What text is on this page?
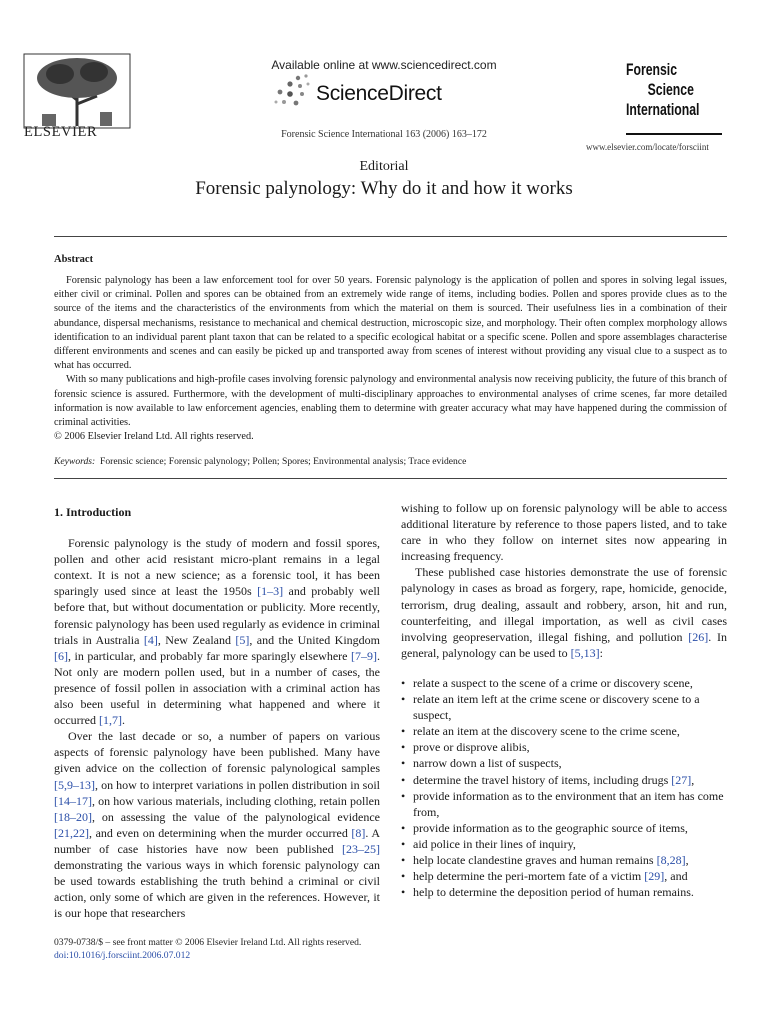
ELSEVIER
Available online at www.sciencedirect.com
ScienceDirect
Forensic Science International 163 (2006) 163–172
Forensic
Science
International
www.elsevier.com/locate/forsciint
Editorial
Forensic palynology: Why do it and how it works
Abstract

Forensic palynology has been a law enforcement tool for over 50 years. Forensic palynology is the application of pollen and spores in solving legal issues, either civil or criminal. Pollen and spores can be obtained from an extremely wide range of items, including bodies. Pollen and spores provide clues as to the source of the items and the characteristics of the environments from which the material on them is sourced. Their usefulness lies in a combination of their abundance, dispersal mechanisms, resistance to mechanical and chemical destruction, microscopic size, and morphology. Their often complex morphology allows identification to an individual parent plant taxon that can be related to a specific ecological habitat or a specific scene. Pollen and spore assemblages characterise different environments and scenes and can easily be picked up and transported away from scenes of interest without providing any visual clue to a suspect as to what has occurred.

With so many publications and high-profile cases involving forensic palynology and environmental analysis now receiving publicity, the future of this branch of forensic science is assured. Furthermore, with the development of multi-disciplinary approaches to environmental analyses of crime scenes, far more detailed information is now available to law enforcement agencies, enabling them to determine with greater accuracy what may have happened during the commission of criminal activities.

© 2006 Elsevier Ireland Ltd. All rights reserved.

Keywords: Forensic science; Forensic palynology; Pollen; Spores; Environmental analysis; Trace evidence

1. Introduction

Forensic palynology is the study of modern and fossil spores, pollen and other acid resistant micro-plant remains in a legal context. It is not a new science; as a forensic tool, it has been sparingly used since at least the 1950s [1–3] and probably well before that, but without documentation or publicity. More recently, forensic palynology has been used regularly as evidence in criminal trials in Australia [4], New Zealand [5], and the United Kingdom [6], in particular, and probably far more sparingly elsewhere [7–9]. Not only are modern pollen used, but in a number of cases, the presence of fossil pollen in association with a criminal action has also been useful in determining what happened and where it occurred [1,7].

Over the last decade or so, a number of papers on various aspects of forensic palynology have been published. Many have given advice on the collection of forensic palynological samples [5,9–13], on how to interpret variations in pollen distribution in soil [14–17], on how various materials, including clothing, retain pollen [18–20], on assessing the value of the palynological evidence [21,22], and even on determining when the murder occurred [8]. A number of case histories have now been published [23–25] demonstrating the various ways in which forensic palynology can be used towards establishing the truth behind a criminal or civil action, only some of which are given in the references. However, it is our hope that researchers

wishing to follow up on forensic palynology will be able to access additional literature by reference to those papers listed, and to take care in who they follow on internet sites now appearing in increasing frequency.

These published case histories demonstrate the use of forensic palynology in cases as broad as forgery, rape, homicide, genocide, terrorism, drug dealing, assault and robbery, arson, hit and run, counterfeiting, and illegal importation, as well as civil cases involving geopreservation, illegal fishing, and pollution [26]. In general, palynology can be used to [5,13]:

• relate a suspect to the scene of a crime or discovery scene,
• relate an item left at the crime scene or discovery scene to a suspect,
• relate an item at the discovery scene to the crime scene,
• prove or disprove alibis,
• narrow down a list of suspects,
• determine the travel history of items, including drugs [27],
• provide information as to the environment that an item has come from,
• provide information as to the geographic source of items,
• aid police in their lines of inquiry,
• help locate clandestine graves and human remains [8,28],
• help determine the peri-mortem fate of a victim [29], and
• help to determine the deposition period of human remains.
0379-0738/$ – see front matter © 2006 Elsevier Ireland Ltd. All rights reserved.
doi:10.1016/j.forsciint.2006.07.012
